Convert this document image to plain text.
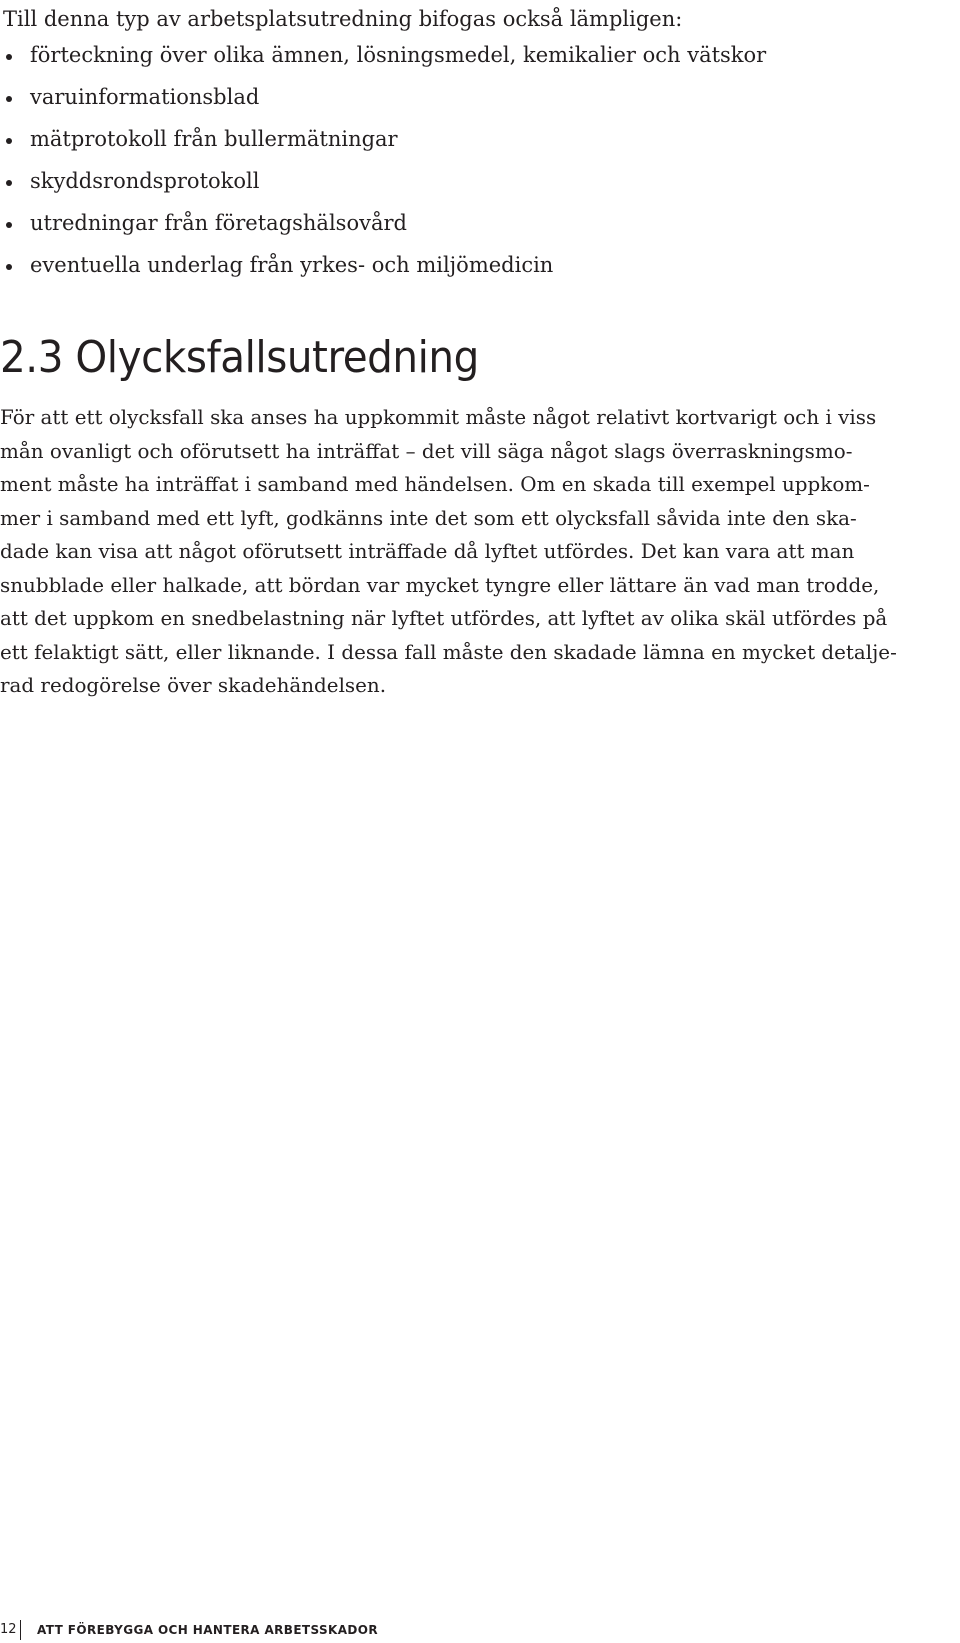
Till denna typ av arbetsplatsutredning bifogas också lämpligen:

förteckning över olika ämnen, lösningsmedel, kemikalier och vätskor
varuinformationsblad
mätprotokoll från bullermätningar
skyddsrondsprotokoll
utredningar från företagshälsovård
eventuella underlag från yrkes- och miljömedicin
2.3 Olycksfallsutredning

För att ett olycksfall ska anses ha uppkommit måste något relativt kortvarigt och i viss
mån ovanligt och oförutsett ha inträffat – det vill säga något slags överraskningsmo-
ment måste ha inträffat i samband med händelsen. Om en skada till exempel uppkom-
mer i samband med ett lyft, godkänns inte det som ett olycksfall såvida inte den ska-
dade kan visa att något oförutsett inträffade då lyftet utfördes. Det kan vara att man
snubblade eller halkade, att bördan var mycket tyngre eller lättare än vad man trodde,
att det uppkom en snedbelastning när lyftet utfördes, att lyftet av olika skäl utfördes på
ett felaktigt sätt, eller liknande. I dessa fall måste den skadade lämna en mycket detalje-
rad redogörelse över skadehändelsen.

12 ATT FÖREBYGGA OCH HANTERA ARBETSSKADOR
